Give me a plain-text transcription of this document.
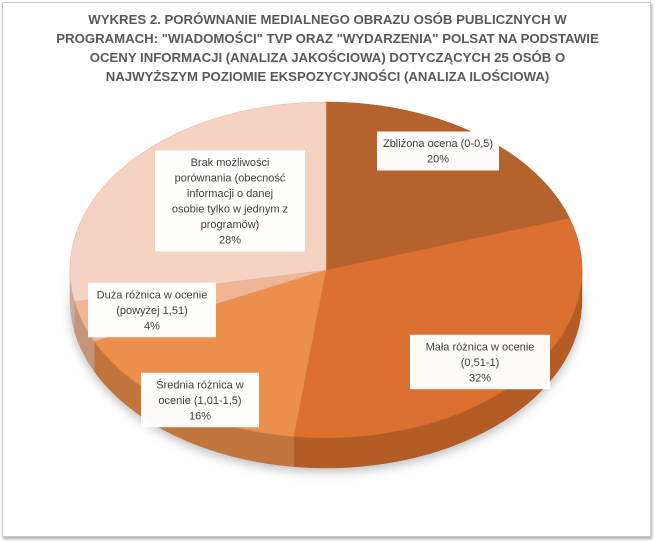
WYKRES 2. PORÓWNANIE MEDIALNEGO OBRAZU OSÓB PUBLICZNYCH W
PROGRAMACH: "WIADOMOŚCI" TVP ORAZ "WYDARZENIA" POLSAT NA PODSTAWIE
OCENY INFORMACJI (ANALIZA JAKOŚCIOWA) DOTYCZĄCYCH 25 OSÓB O
NAJWYŻSZYM POZIOMIE EKSPOZYCYJNOŚCI (ANALIZA ILOŚCIOWA)
Zbliżona ocena (0-0,5)
20%
Mała różnica w ocenie
(0,51-1)
32%
Średnia różnica w
ocenie (1,01-1,5)
16%
Duża różnica w ocenie
(powyżej 1,51)
4%
Brak możliwości
porównania (obecność
informacji o danej
osobie tylko w jednym z
programów)
28%
